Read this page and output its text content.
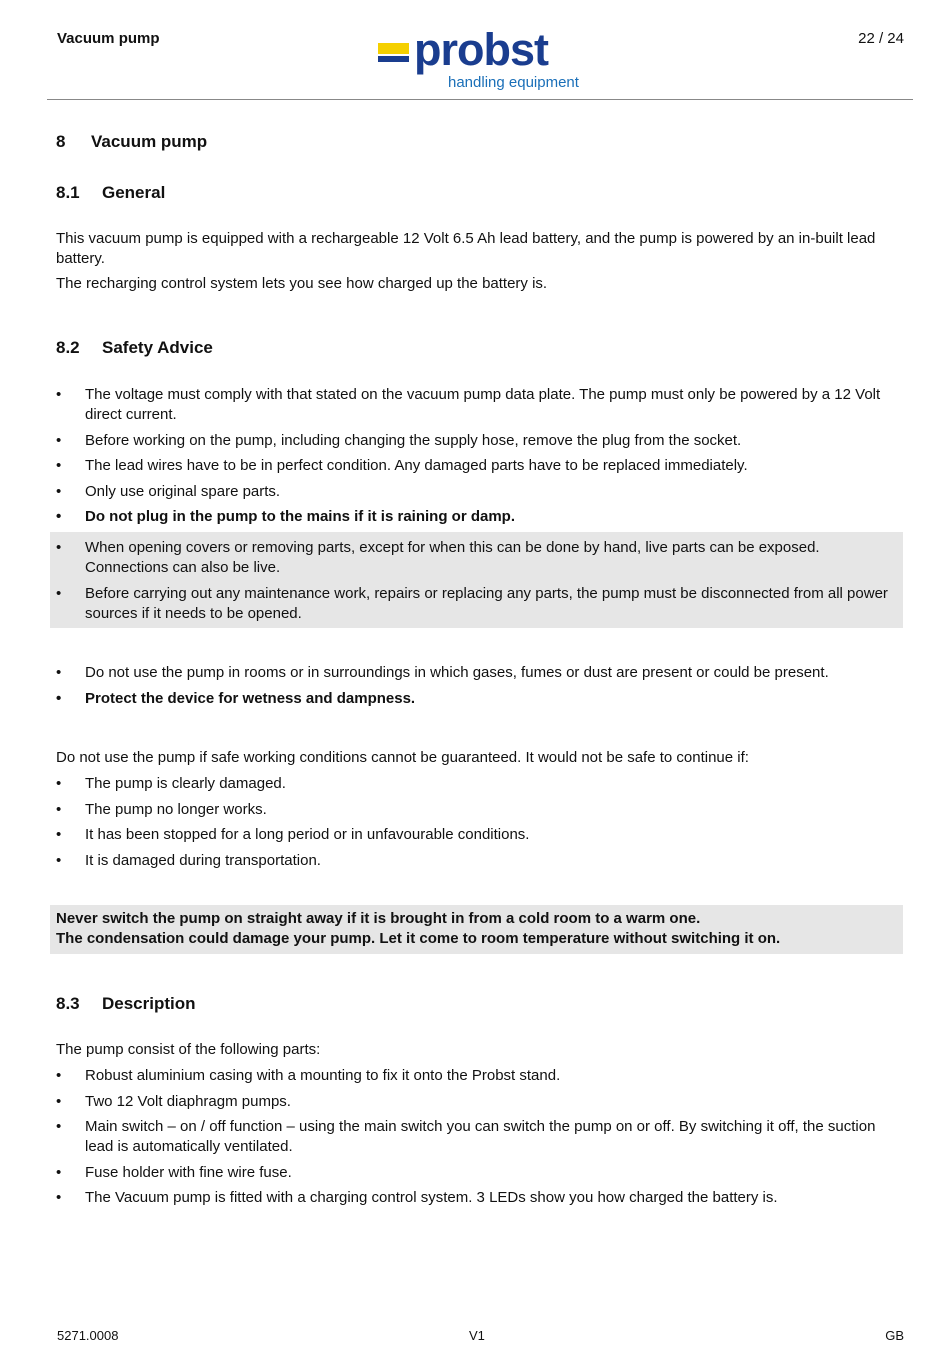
Vacuum pump	probst
handling equipment
22 / 24
8 Vacuum pump
8.1 General
This vacuum pump is equipped with a rechargeable 12 Volt 6.5 Ah lead battery, and the pump is powered by an in-built lead battery.
The recharging control system lets you see how charged up the battery is.
8.2 Safety Advice
• The voltage must comply with that stated on the vacuum pump data plate. The pump must only be powered by a 12 Volt direct current.
• Before working on the pump, including changing the supply hose, remove the plug from the socket.
• The lead wires have to be in perfect condition. Any damaged parts have to be replaced immediately.
• Only use original spare parts.
• Do not plug in the pump to the mains if it is raining or damp.
• When opening covers or removing parts, except for when this can be done by hand, live parts can be exposed. Connections can also be live.
• Before carrying out any maintenance work, repairs or replacing any parts, the pump must be disconnected from all power sources if it needs to be opened.
• Do not use the pump in rooms or in surroundings in which gases, fumes or dust are present or could be present.
• Protect the device for wetness and dampness.
Do not use the pump if safe working conditions cannot be guaranteed. It would not be safe to continue if:
• The pump is clearly damaged.
• The pump no longer works.
• It has been stopped for a long period or in unfavourable conditions.
• It is damaged during transportation.
Never switch the pump on straight away if it is brought in from a cold room to a warm one.
The condensation could damage your pump. Let it come to room temperature without switching it on.
8.3 Description
The pump consist of the following parts:
• Robust aluminium casing with a mounting to fix it onto the Probst stand.
• Two 12 Volt diaphragm pumps.
• Main switch – on / off function – using the main switch you can switch the pump on or off. By switching it off, the suction lead is automatically ventilated.
• Fuse holder with fine wire fuse.
• The Vacuum pump is fitted with a charging control system. 3 LEDs show you how charged the battery is.
5271.0008	V1	GB
